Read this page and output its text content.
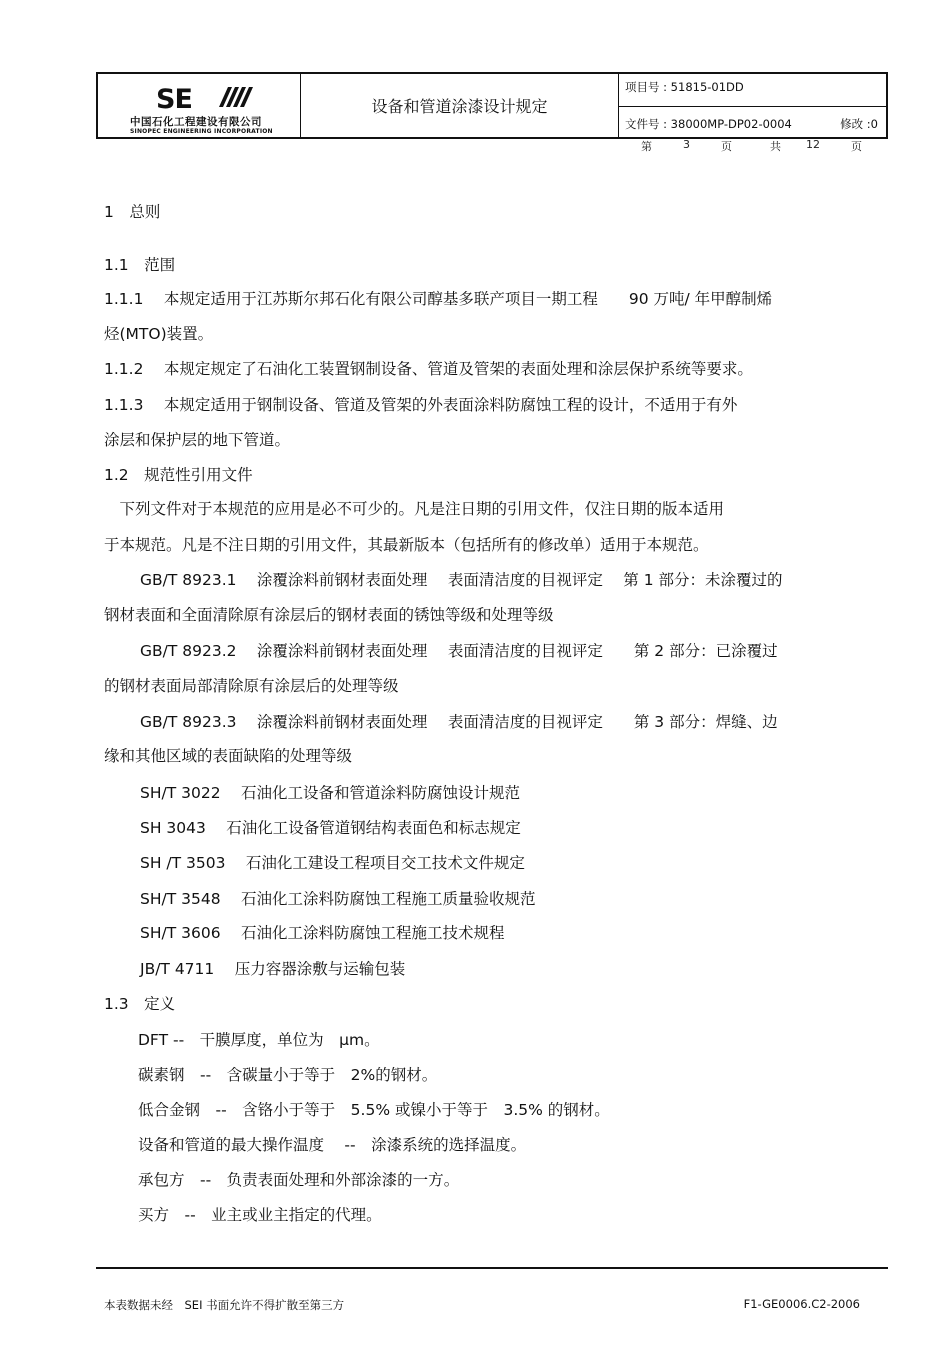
SE
中国石化工程建设有限公司
SINOPEC ENGINEERING INCORPORATION
设备和管道涂漆设计规定
项目号 : 51815-01DD
文件号 : 38000MP-DP02-0004	修改 :0
第	3	页	共 12	页
1　总则
1.1　范围
1.1.1　 本规定适用于江苏斯尔邦石化有限公司醇基多联产项目一期工程　　90 万吨/ 年甲醇制烯
烃(MTO)装置。
1.1.2　 本规定规定了石油化工装置钢制设备、管道及管架的表面处理和涂层保护系统等要求。
1.1.3　 本规定适用于钢制设备、管道及管架的外表面涂料防腐蚀工程的设计，不适用于有外
涂层和保护层的地下管道。
1.2　规范性引用文件
　下列文件对于本规范的应用是必不可少的。凡是注日期的引用文件，仅注日期的版本适用
于本规范。凡是不注日期的引用文件，其最新版本（包括所有的修改单）适用于本规范。
GB/T 8923.1　 涂覆涂料前钢材表面处理　 表面清洁度的目视评定　 第 1 部分：未涂覆过的
钢材表面和全面清除原有涂层后的钢材表面的锈蚀等级和处理等级
GB/T 8923.2　 涂覆涂料前钢材表面处理　 表面清洁度的目视评定　　第 2 部分：已涂覆过
的钢材表面局部清除原有涂层后的处理等级
GB/T 8923.3　 涂覆涂料前钢材表面处理　 表面清洁度的目视评定　　第 3 部分：焊缝、边
缘和其他区域的表面缺陷的处理等级
SH/T 3022　 石油化工设备和管道涂料防腐蚀设计规范
SH 3043　 石油化工设备管道钢结构表面色和标志规定
SH /T 3503　 石油化工建设工程项目交工技术文件规定
SH/T 3548　 石油化工涂料防腐蚀工程施工质量验收规范
SH/T 3606　 石油化工涂料防腐蚀工程施工技术规程
JB/T 4711　 压力容器涂敷与运输包装
1.3　定义
DFT --　干膜厚度，单位为　μm。
碳素钢　--　含碳量小于等于　2%的钢材。
低合金钢　--　含铬小于等于　5.5% 或镍小于等于　3.5% 的钢材。
设备和管道的最大操作温度　 --　涂漆系统的选择温度。
承包方　--　负责表面处理和外部涂漆的一方。
买方　--　业主或业主指定的代理。
本表数据未经　SEI 书面允许不得扩散至第三方	F1-GE0006.C2-2006
